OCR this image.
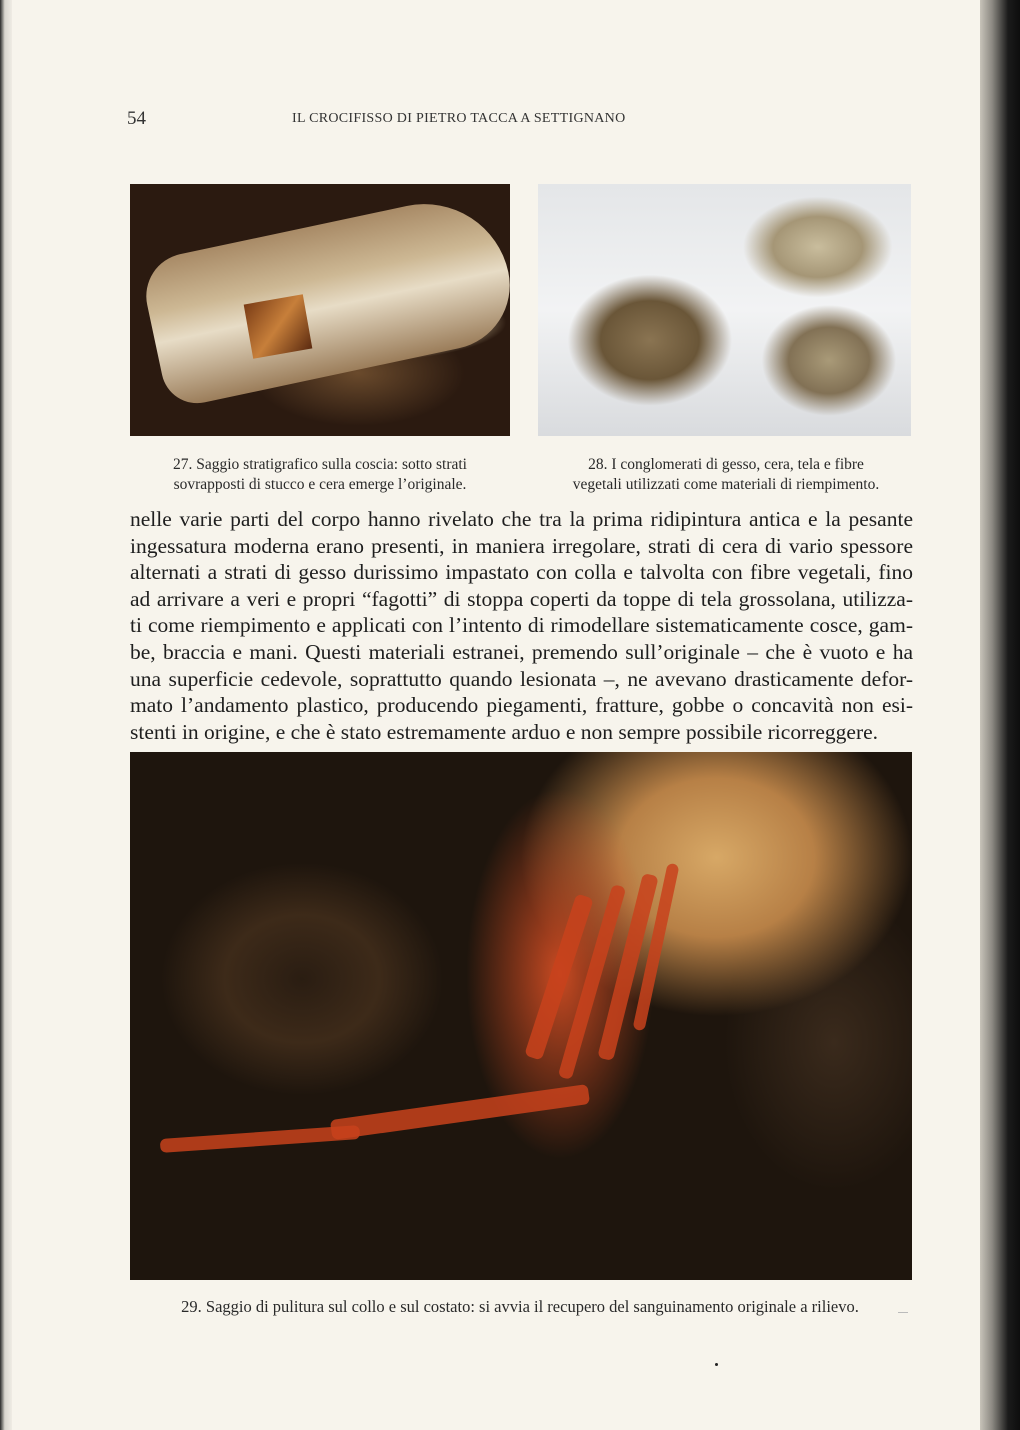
54	IL CROCIFISSO DI PIETRO TACCA A SETTIGNANO
27. Saggio stratigrafico sulla coscia: sotto strati
sovrapposti di stucco e cera emerge l’originale.
28. I conglomerati di gesso, cera, tela e fibre
vegetali utilizzati come materiali di riempimento.
nelle varie parti del corpo hanno rivelato che tra la prima ridipintura antica e la pesante
ingessatura moderna erano presenti, in maniera irregolare, strati di cera di vario spessore
alternati a strati di gesso durissimo impastato con colla e talvolta con fibre vegetali, fino
ad arrivare a veri e propri “fagotti” di stoppa coperti da toppe di tela grossolana, utilizza-
ti come riempimento e applicati con l’intento di rimodellare sistematicamente cosce, gam-
be, braccia e mani. Questi materiali estranei, premendo sull’originale – che è vuoto e ha
una superficie cedevole, soprattutto quando lesionata –, ne avevano drasticamente defor-
mato l’andamento plastico, producendo piegamenti, fratture, gobbe o concavità non esi-
stenti in origine, e che è stato estremamente arduo e non sempre possibile ricorreggere.
29. Saggio di pulitura sul collo e sul costato: si avvia il recupero del sanguinamento originale a rilievo.
